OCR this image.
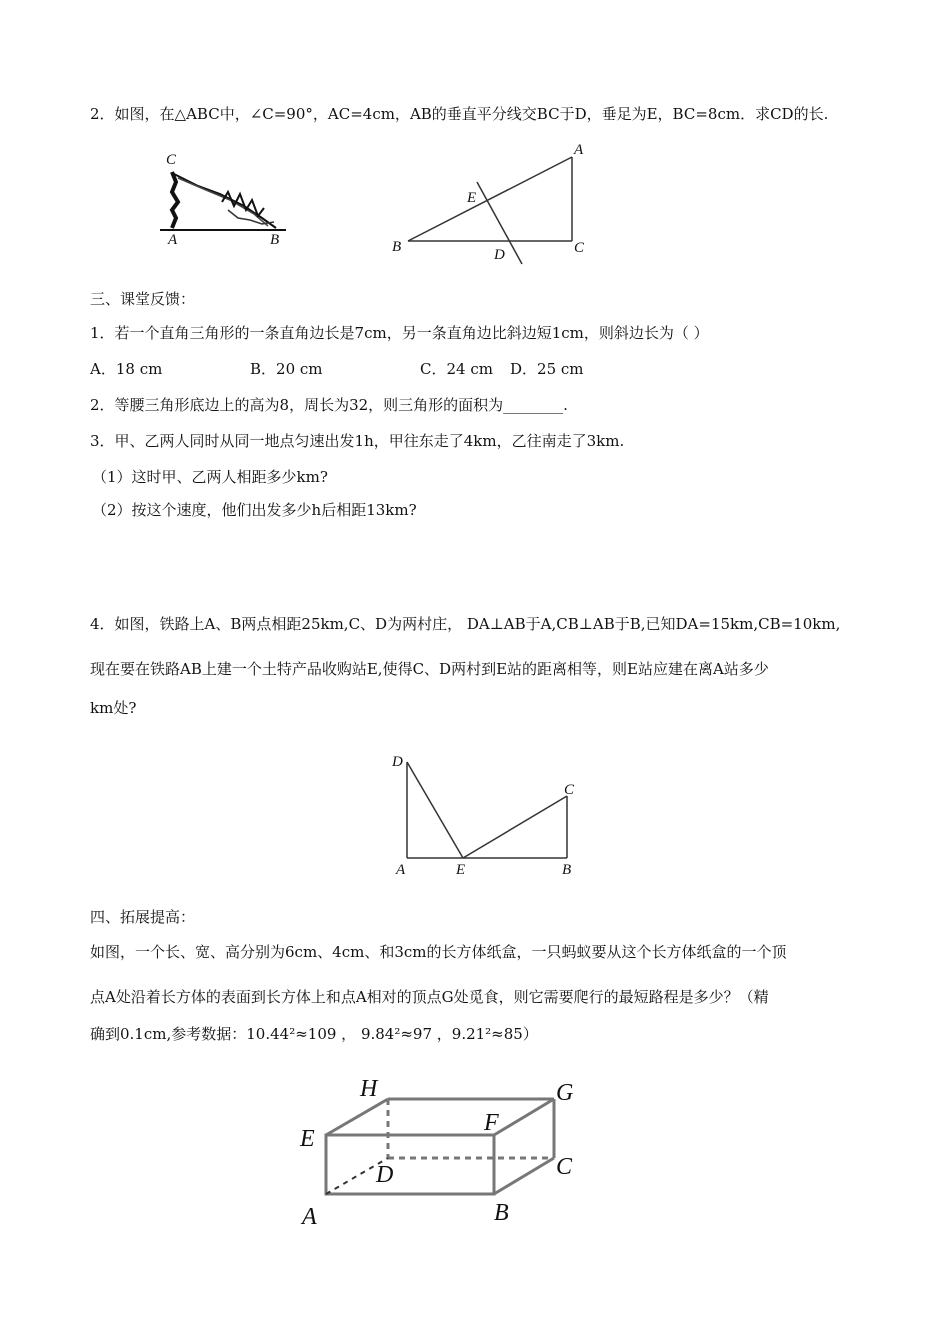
2．如图，在△ABC中，∠C=90°，AC=4cm，AB的垂直平分线交BC于D，垂足为E，BC=8cm．求CD的长.
C
A	B
A
B	C
D
E
三、课堂反馈：
1．若一个直角三角形的一条直角边长是7cm，另一条直角边比斜边短1cm，则斜边长为（ ）
A．18 cm	B．20 cm	C．24 cm D．25 cm
2．等腰三角形底边上的高为8，周长为32，则三角形的面积为________.
3．甲、乙两人同时从同一地点匀速出发1h，甲往东走了4km，乙往南走了3km.
（1）这时甲、乙两人相距多少km?
（2）按这个速度，他们出发多少h后相距13km?
4．如图，铁路上A、B两点相距25km,C、D为两村庄， DA⊥AB于A,CB⊥AB于B,已知DA=15km,CB=10km,
现在要在铁路AB上建一个土特产品收购站E,使得C、D两村到E站的距离相等，则E站应建在离A站多少
km处?
D
C
A	E	B
四、拓展提高：
如图，一个长、宽、高分别为6cm、4cm、和3cm的长方体纸盒，一只蚂蚁要从这个长方体纸盒的一个顶
点A处沿着长方体的表面到长方体上和点A相对的顶点G处觅食，则它需要爬行的最短路程是多少？（精
确到0.1cm,参考数据：10.44²≈109 ， 9.84²≈97 ，9.21²≈85）
H	G
E
F
D	C
A	B
